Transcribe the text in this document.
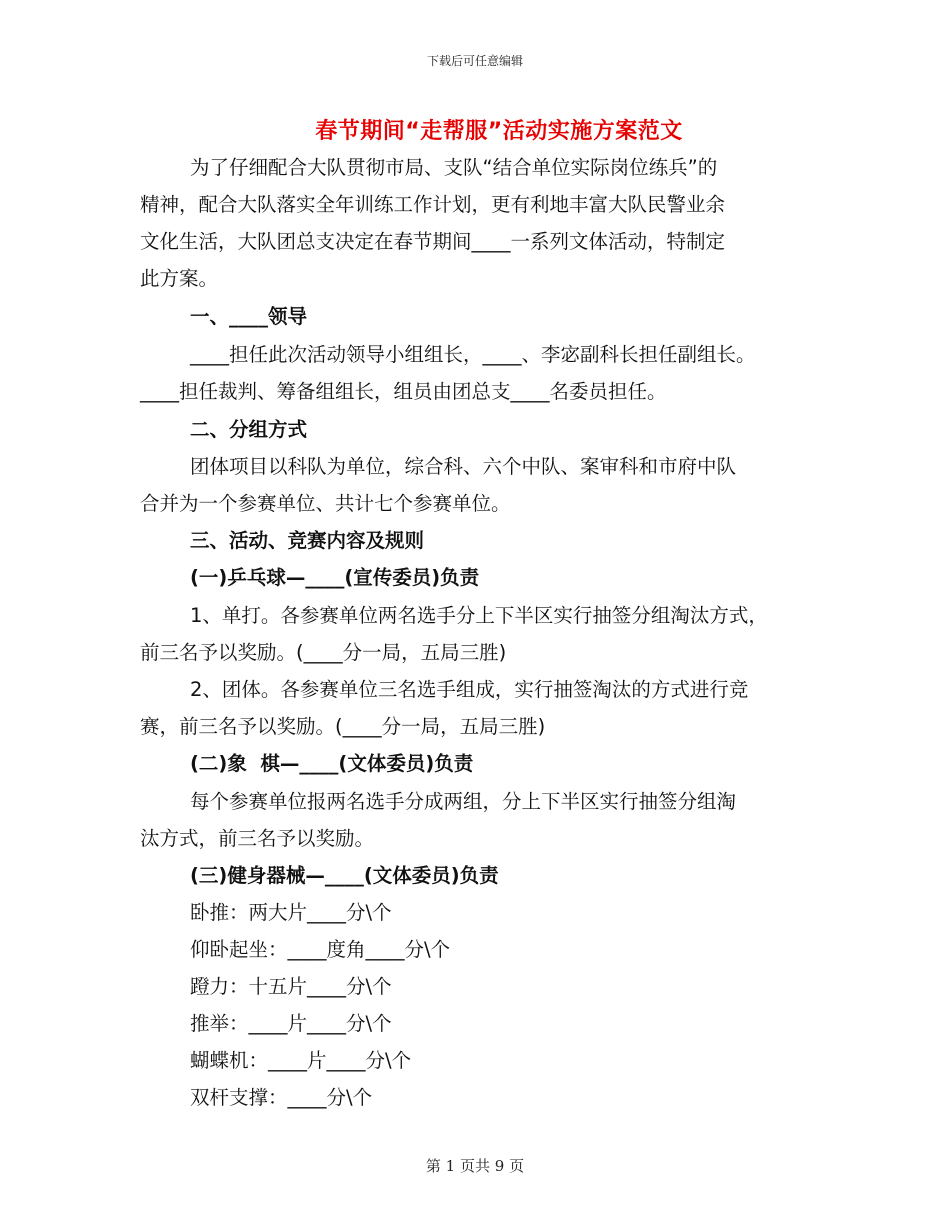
下载后可任意编辑
春节期间“走帮服”活动实施方案范文
为了仔细配合大队贯彻市局、支队“结合单位实际岗位练兵”的
精神，配合大队落实全年训练工作计划，更有利地丰富大队民警业余
文化生活，大队团总支决定在春节期间____一系列文体活动，特制定
此方案。
一、____领导
____担任此次活动领导小组组长，____、李宓副科长担任副组长。
____担任裁判、筹备组组长，组员由团总支____名委员担任。
二、分组方式
团体项目以科队为单位，综合科、六个中队、案审科和市府中队
合并为一个参赛单位、共计七个参赛单位。
三、活动、竞赛内容及规则
(一)乒乓球—____(宣传委员)负责
1、单打。各参赛单位两名选手分上下半区实行抽签分组淘汰方式，
前三名予以奖励。(____分一局，五局三胜)
2、团体。各参赛单位三名选手组成，实行抽签淘汰的方式进行竞
赛，前三名予以奖励。(____分一局，五局三胜)
(二)象  棋—____(文体委员)负责
每个参赛单位报两名选手分成两组，分上下半区实行抽签分组淘
汰方式，前三名予以奖励。
(三)健身器械—____(文体委员)负责
卧推：两大片____分\个
仰卧起坐：____度角____分\个
蹬力：十五片____分\个
推举：____片____分\个
蝴蝶机：____片____分\个
双杆支撑：____分\个
第 1 页共 9 页
